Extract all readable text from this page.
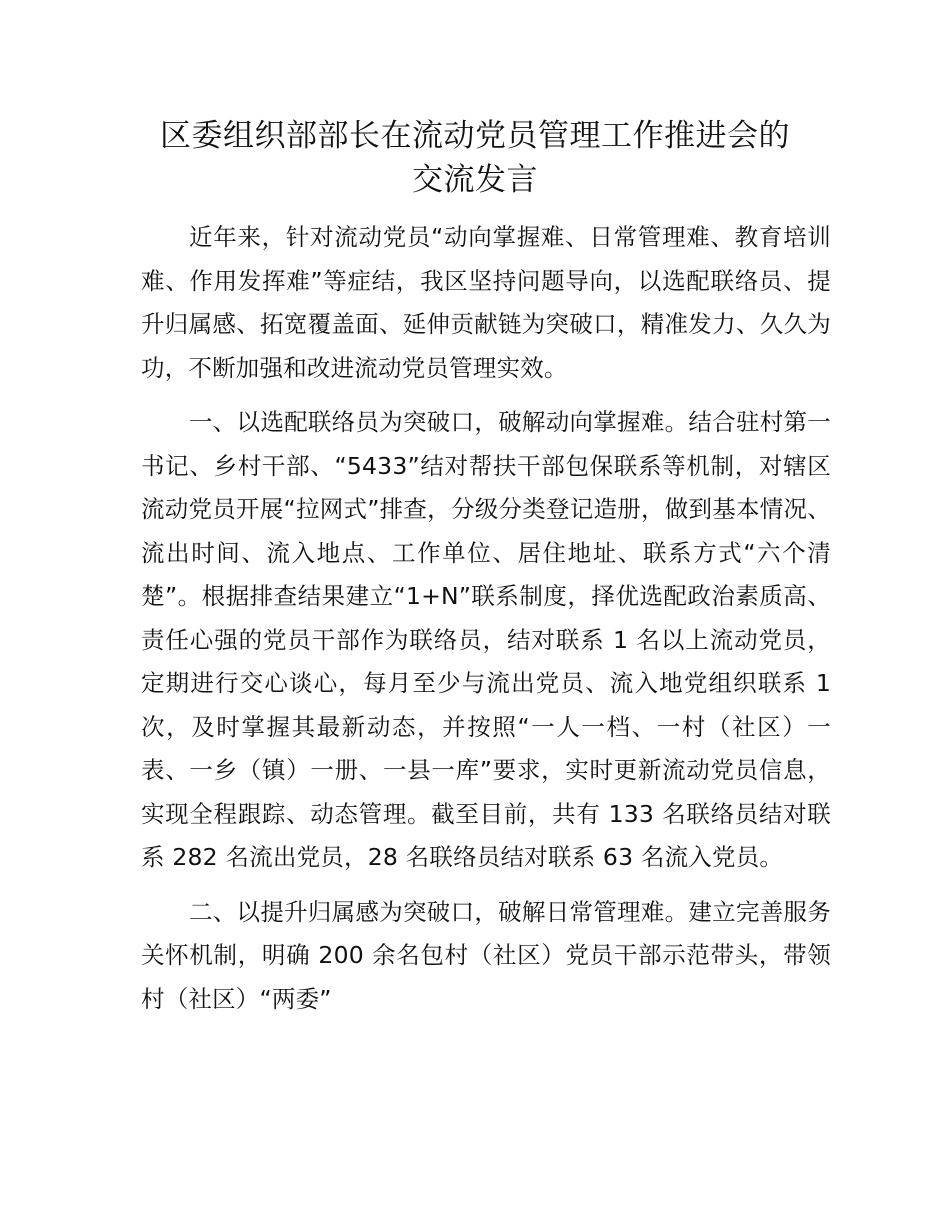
区委组织部部长在流动党员管理工作推进会的
交流发言

近年来，针对流动党员“动向掌握难、日常管理难、教育培训难、作用发挥难”等症结，我区坚持问题导向，以选配联络员、提升归属感、拓宽覆盖面、延伸贡献链为突破口，精准发力、久久为功，不断加强和改进流动党员管理实效。

一、以选配联络员为突破口，破解动向掌握难。结合驻村第一书记、乡村干部、“5433”结对帮扶干部包保联系等机制，对辖区流动党员开展“拉网式”排查，分级分类登记造册，做到基本情况、流出时间、流入地点、工作单位、居住地址、联系方式“六个清楚”。根据排查结果建立“1+N”联系制度，择优选配政治素质高、责任心强的党员干部作为联络员，结对联系 1 名以上流动党员，定期进行交心谈心，每月至少与流出党员、流入地党组织联系 1 次，及时掌握其最新动态，并按照“一人一档、一村（社区）一表、一乡（镇）一册、一县一库”要求，实时更新流动党员信息，实现全程跟踪、动态管理。截至目前，共有 133 名联络员结对联系 282 名流出党员，28 名联络员结对联系 63 名流入党员。

二、以提升归属感为突破口，破解日常管理难。建立完善服务关怀机制，明确 200 余名包村（社区）党员干部示范带头，带领村（社区）“两委”
